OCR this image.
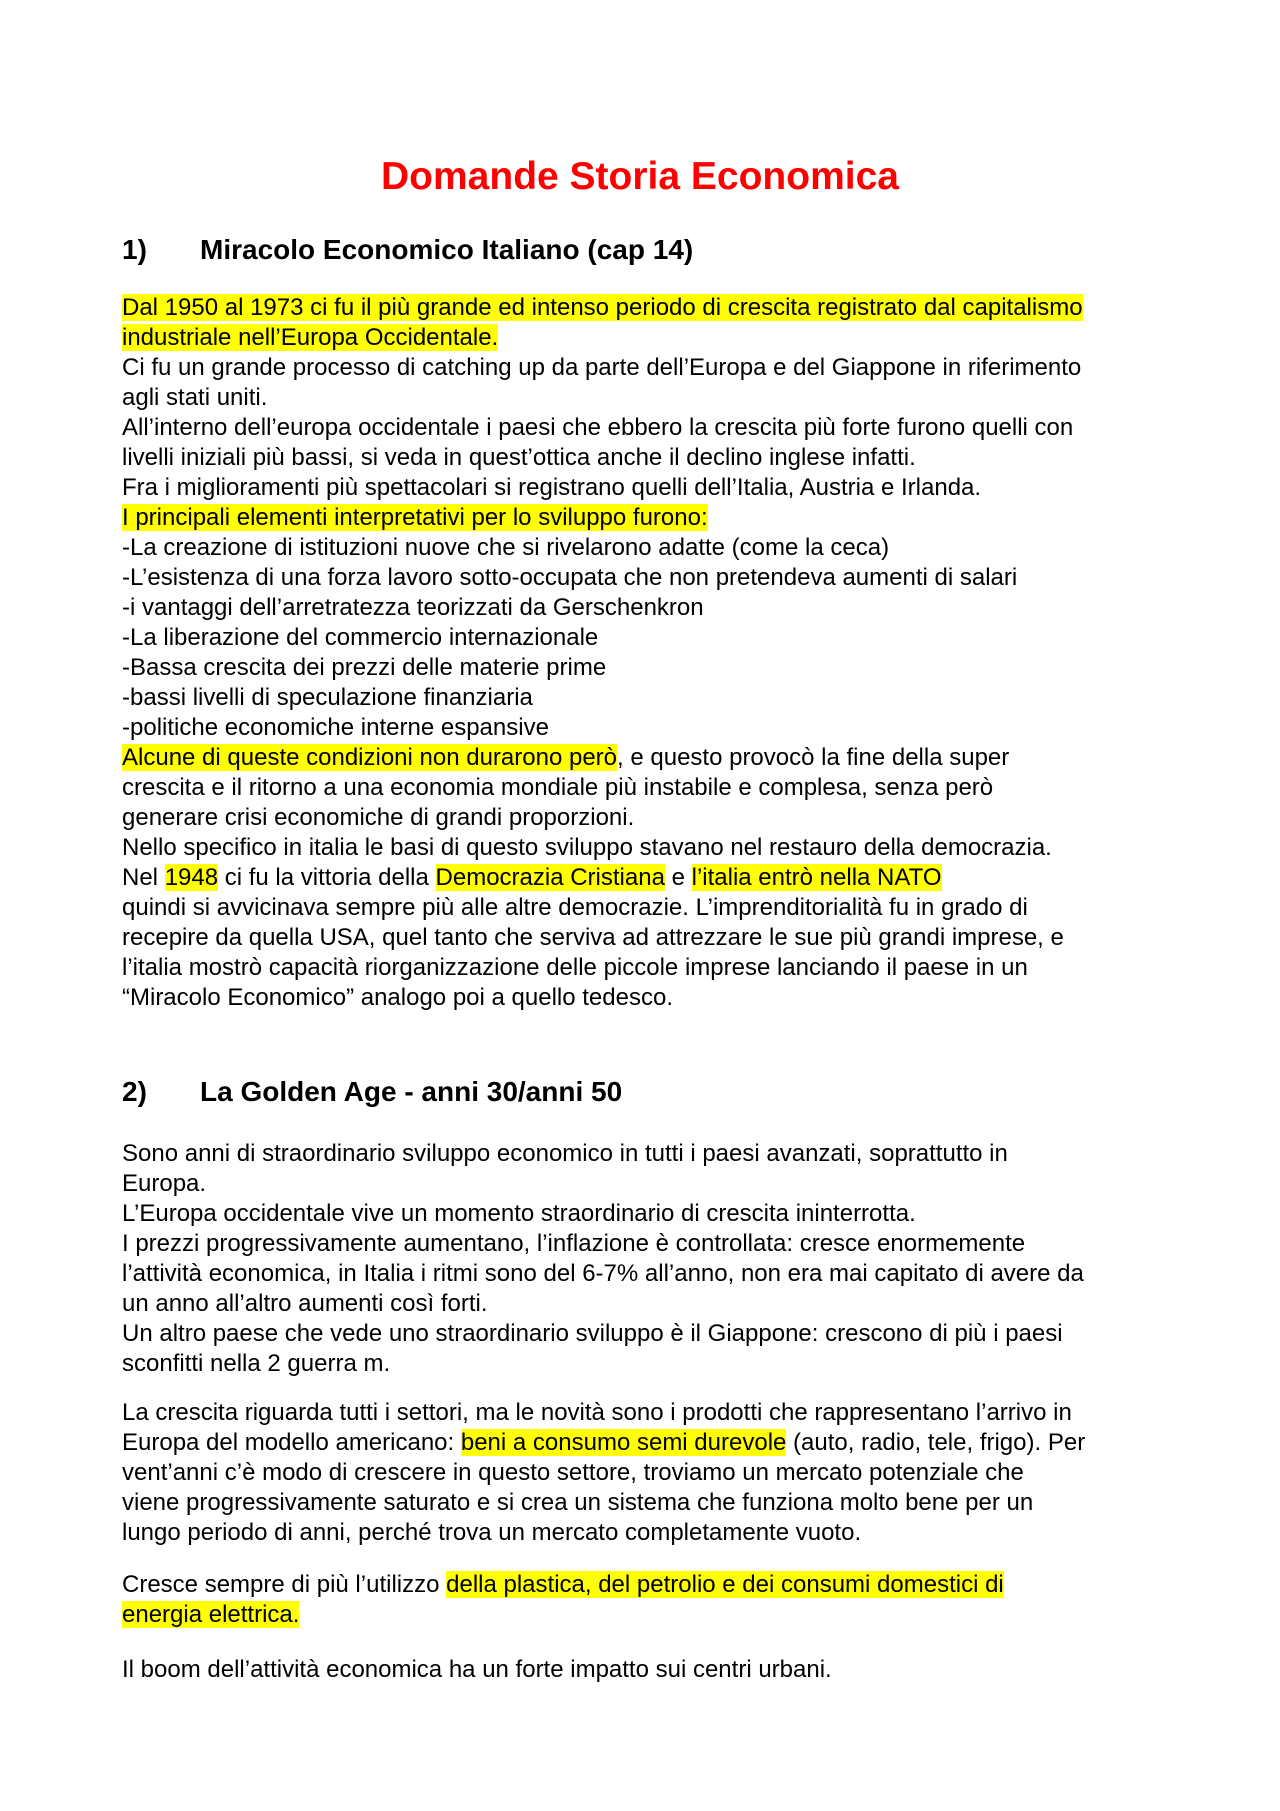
Domande Storia Economica
1) Miracolo Economico Italiano (cap 14)
Dal 1950 al 1973 ci fu il più grande ed intenso periodo di crescita registrato dal capitalismo
industriale nell’Europa Occidentale.
Ci fu un grande processo di catching up da parte dell’Europa e del Giappone in riferimento
agli stati uniti.
All’interno dell’europa occidentale i paesi che ebbero la crescita più forte furono quelli con
livelli iniziali più bassi, si veda in quest’ottica anche il declino inglese infatti.
Fra i miglioramenti più spettacolari si registrano quelli dell’Italia, Austria e Irlanda.
I principali elementi interpretativi per lo sviluppo furono:
-La creazione di istituzioni nuove che si rivelarono adatte (come la ceca)
-L’esistenza di una forza lavoro sotto-occupata che non pretendeva aumenti di salari
-i vantaggi dell’arretratezza teorizzati da Gerschenkron
-La liberazione del commercio internazionale
-Bassa crescita dei prezzi delle materie prime
-bassi livelli di speculazione finanziaria
-politiche economiche interne espansive
Alcune di queste condizioni non durarono però, e questo provocò la fine della super
crescita e il ritorno a una economia mondiale più instabile e complesa, senza però
generare crisi economiche di grandi proporzioni.
Nello specifico in italia le basi di questo sviluppo stavano nel restauro della democrazia.
Nel 1948 ci fu la vittoria della Democrazia Cristiana e l’italia entrò nella NATO
quindi si avvicinava sempre più alle altre democrazie. L’imprenditorialità fu in grado di
recepire da quella USA, quel tanto che serviva ad attrezzare le sue più grandi imprese, e
l’italia mostrò capacità riorganizzazione delle piccole imprese lanciando il paese in un
“Miracolo Economico” analogo poi a quello tedesco.
2) La Golden Age - anni 30/anni 50
Sono anni di straordinario sviluppo economico in tutti i paesi avanzati, soprattutto in
Europa.
L’Europa occidentale vive un momento straordinario di crescita ininterrotta.
I prezzi progressivamente aumentano, l’inflazione è controllata: cresce enormemente
l’attività economica, in Italia i ritmi sono del 6-7% all’anno, non era mai capitato di avere da
un anno all’altro aumenti così forti.
Un altro paese che vede uno straordinario sviluppo è il Giappone: crescono di più i paesi
sconfitti nella 2 guerra m.
La crescita riguarda tutti i settori, ma le novità sono i prodotti che rappresentano l’arrivo in
Europa del modello americano: beni a consumo semi durevole (auto, radio, tele, frigo). Per
vent’anni c’è modo di crescere in questo settore, troviamo un mercato potenziale che
viene progressivamente saturato e si crea un sistema che funziona molto bene per un
lungo periodo di anni, perché trova un mercato completamente vuoto.
Cresce sempre di più l’utilizzo della plastica, del petrolio e dei consumi domestici di
energia elettrica.
Il boom dell’attività economica ha un forte impatto sui centri urbani.
